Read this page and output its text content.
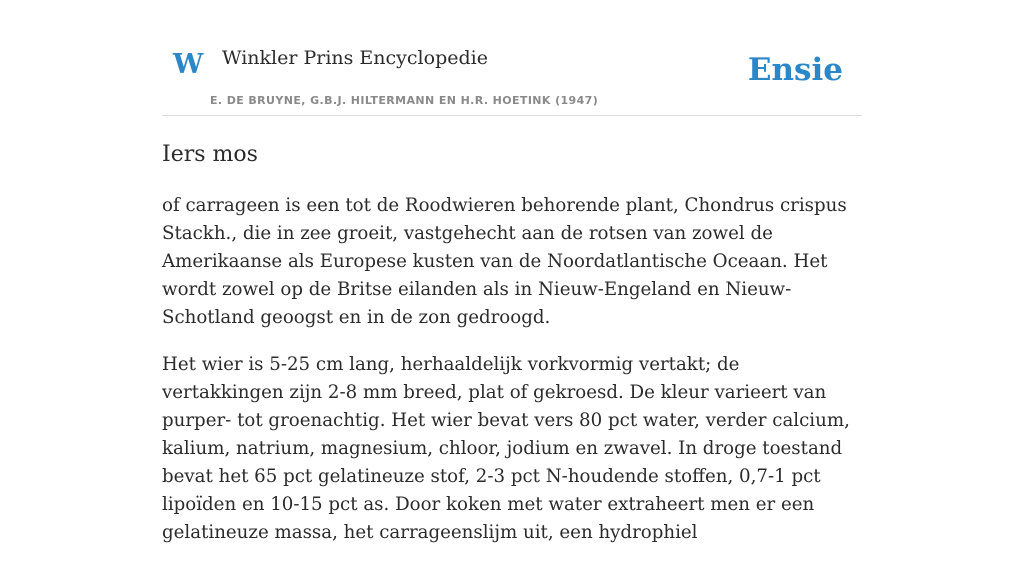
W Winkler Prins Encyclopedie
E. DE BRUYNE, G.B.J. HILTERMANN EN H.R. HOETINK (1947)
Ensie
Iers mos

of carrageen is een tot de Roodwieren behorende plant, Chondrus crispus Stackh., die in zee groeit, vastgehecht aan de rotsen van zowel de Amerikaanse als Europese kusten van de Noordatlantische Oceaan. Het wordt zowel op de Britse eilanden als in Nieuw-Engeland en Nieuw-Schotland geoogst en in de zon gedroogd.

Het wier is 5-25 cm lang, herhaaldelijk vorkvormig vertakt; de vertakkingen zijn 2-8 mm breed, plat of gekroesd. De kleur varieert van purper- tot groenachtig. Het wier bevat vers 80 pct water, verder calcium, kalium, natrium, magnesium, chloor, jodium en zwavel. In droge toestand bevat het 65 pct gelatineuze stof, 2-3 pct N-houdende stoffen, 0,7-1 pct lipoïden en 10-15 pct as. Door koken met water extraheert men er een gelatineuze massa, het carrageenslijm uit, een hydrophiel
